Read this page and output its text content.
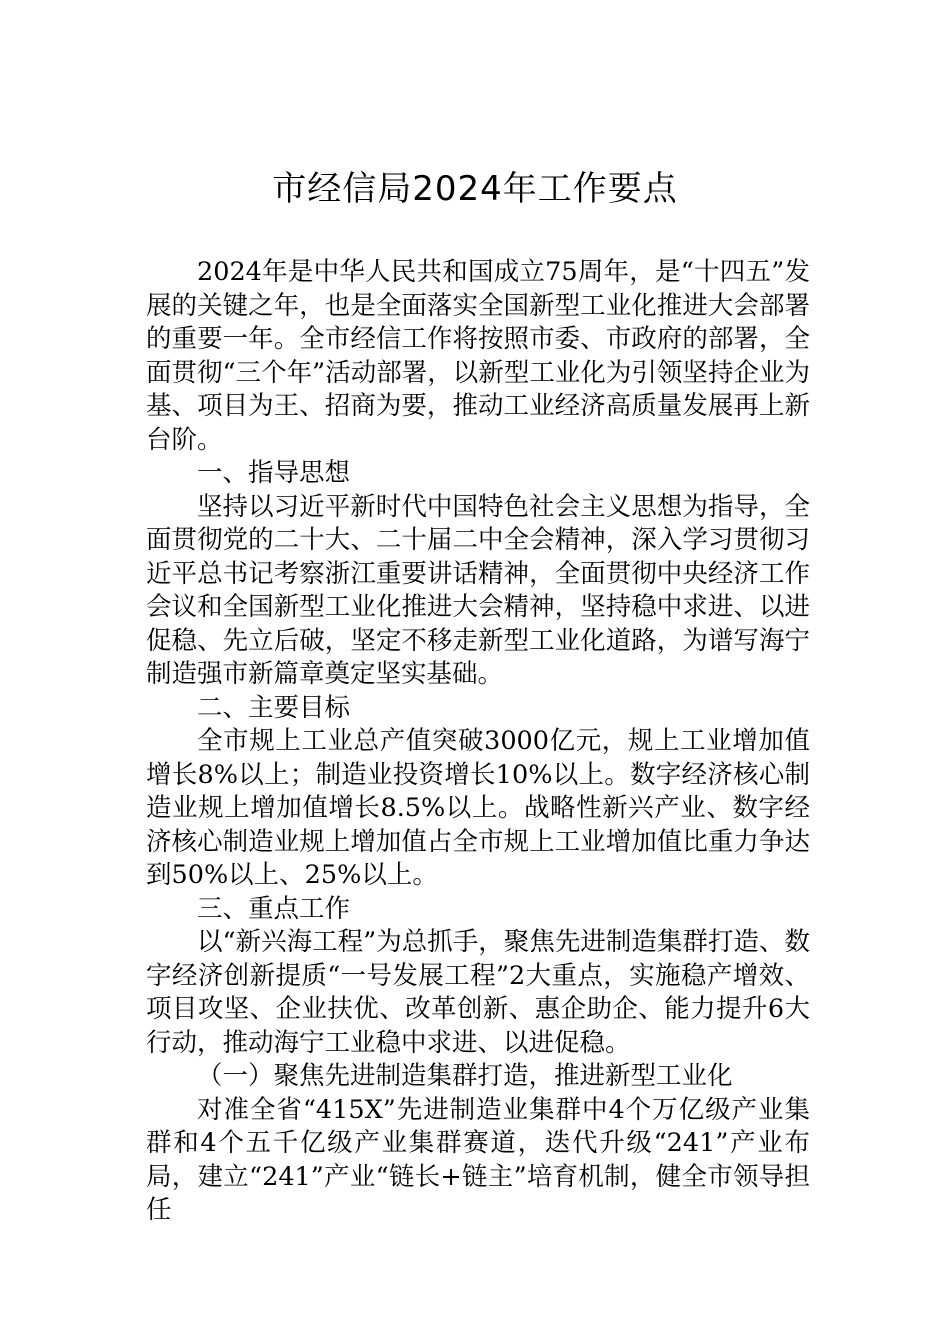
市经信局2024年工作要点

2024年是中华人民共和国成立75周年，是“十四五”发展的关键之年，也是全面落实全国新型工业化推进大会部署的重要一年。全市经信工作将按照市委、市政府的部署，全面贯彻“三个年”活动部署，以新型工业化为引领坚持企业为基、项目为王、招商为要，推动工业经济高质量发展再上新台阶。

一、指导思想

坚持以习近平新时代中国特色社会主义思想为指导，全面贯彻党的二十大、二十届二中全会精神，深入学习贯彻习近平总书记考察浙江重要讲话精神，全面贯彻中央经济工作会议和全国新型工业化推进大会精神，坚持稳中求进、以进促稳、先立后破，坚定不移走新型工业化道路，为谱写海宁制造强市新篇章奠定坚实基础。

二、主要目标

全市规上工业总产值突破3000亿元，规上工业增加值增长8%以上；制造业投资增长10%以上。数字经济核心制造业规上增加值增长8.5%以上。战略性新兴产业、数字经济核心制造业规上增加值占全市规上工业增加值比重力争达到50%以上、25%以上。

三、重点工作

以“新兴海工程”为总抓手，聚焦先进制造集群打造、数字经济创新提质“一号发展工程”2大重点，实施稳产增效、项目攻坚、企业扶优、改革创新、惠企助企、能力提升6大行动，推动海宁工业稳中求进、以进促稳。

（一）聚焦先进制造集群打造，推进新型工业化

对准全省“415X”先进制造业集群中4个万亿级产业集群和4个五千亿级产业集群赛道，迭代升级“241”产业布局，建立“241”产业“链长+链主”培育机制，健全市领导担任
